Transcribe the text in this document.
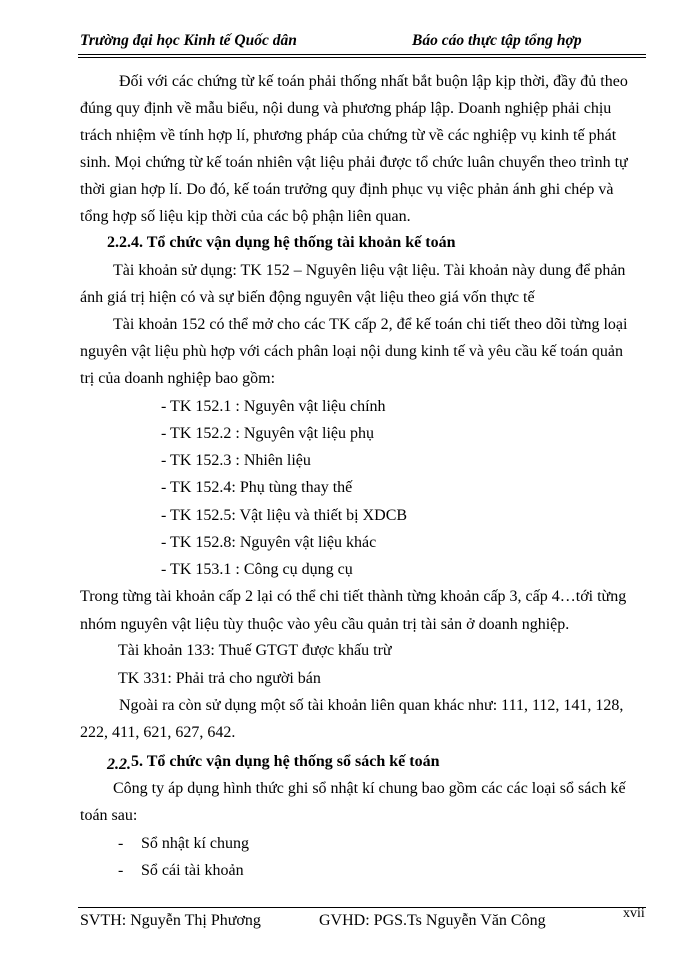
Trường đại học Kinh tế Quốc dân	Báo cáo thực tập tổng hợp
Đối với các chứng từ kế toán phải thống nhất bắt buộn lập kịp thời, đầy đủ theo
đúng quy định về mẫu biểu, nội dung và phương pháp lập. Doanh nghiệp phải chịu
trách nhiệm về tính hợp lí, phương pháp của chứng từ về các nghiệp vụ kinh tế phát
sinh. Mọi chứng từ kế toán nhiên vật liệu phải được tổ chức luân chuyển theo trình tự
thời gian hợp lí. Do đó, kế toán trưởng quy định phục vụ việc phản ánh ghi chép và
tổng hợp số liệu kịp thời của các bộ phận liên quan.
2.2.4. Tổ chức vận dụng hệ thống tài khoản kế toán
Tài khoản sử dụng: TK 152 – Nguyên liệu vật liệu. Tài khoản này dung để phản
ánh giá trị hiện có và sự biến động nguyên vật liệu theo giá vốn thực tế
Tài khoản 152 có thể mở cho các TK cấp 2, để kế toán chi tiết theo dõi từng loại
nguyên vật liệu phù hợp với cách phân loại nội dung kinh tế và yêu cầu kế toán quản
trị của doanh nghiệp bao gồm:
- TK 152.1 : Nguyên vật liệu chính
- TK 152.2 : Nguyên vật liệu phụ
- TK 152.3 : Nhiên liệu
- TK 152.4: Phụ tùng thay thế
- TK 152.5: Vật liệu và thiết bị XDCB
- TK 152.8: Nguyên vật liệu khác
- TK 153.1 : Công cụ dụng cụ
Trong từng tài khoản cấp 2 lại có thể chi tiết thành từng khoản cấp 3, cấp 4…tới từng
nhóm nguyên vật liệu tùy thuộc vào yêu cầu quản trị tài sản ở doanh nghiệp.
Tài khoản 133: Thuế GTGT được khấu trừ
TK 331: Phải trả cho người bán
Ngoài ra còn sử dụng một số tài khoản liên quan khác như: 111, 112, 141, 128,
222, 411, 621, 627, 642.
2.2.5. Tổ chức vận dụng hệ thống sổ sách kế toán
Công ty áp dụng hình thức ghi sổ nhật kí chung bao gồm các các loại sổ sách kế
toán sau:
- Sổ nhật kí chung
- Sổ cái tài khoản
SVTH: Nguyễn Thị Phương	GVHD: PGS.Ts Nguyễn Văn Công	xvii
